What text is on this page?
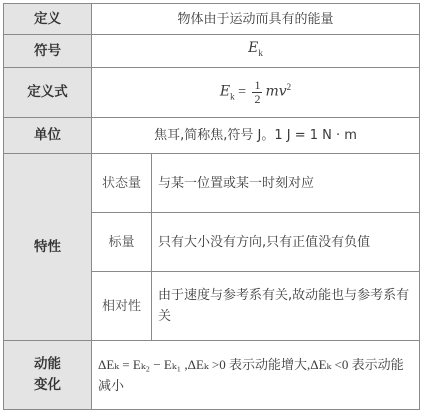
定义	物体由于运动而具有的能量	
符号	$E_k$
定义式	$E_k = \frac{1}{2} mv^2$
单位	焦耳,简称焦,符号 J。1 J = 1 N · m	
特性	状态量	与某一位置或某一时刻对应
	标量	只有大小没有方向,只有正值没有负值
	相对性	由于速度与参考系有关,故动能也与参考系有关

动能
变化	ΔEₖ = Eₖ₂ − Eₖ₁ ,ΔEₖ >0 表示动能增大,ΔEₖ <0 表示动能减小	
